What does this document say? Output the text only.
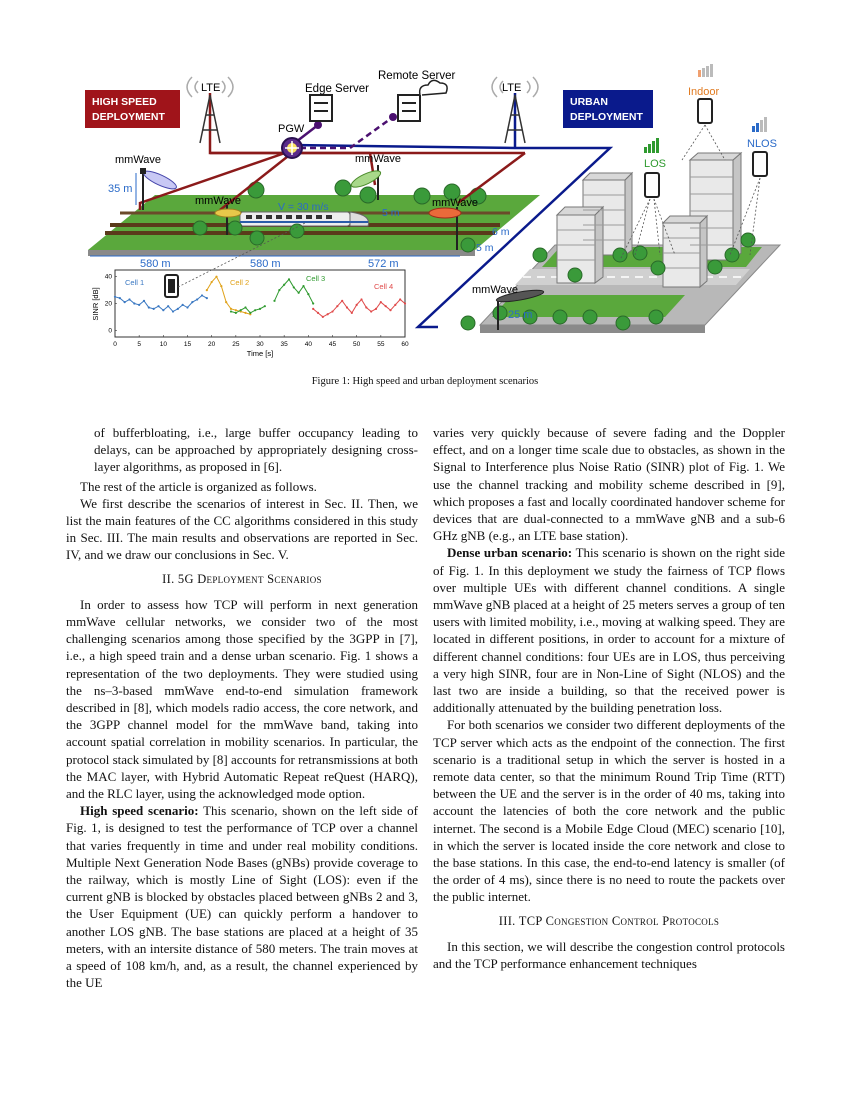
PGW
LTE	LTE
Edge Server
Remote Server
HIGH SPEED
DEPLOYMENT
URBAN
DEPLOYMENT
mmWave
35 m
mmWave
mmWave
mmWave
V = 30 m/s	5 m
6 m
5 m
580 m	580 m	572 m
mmWave
25 m
Indoor
LOS
NLOS
0	5	10	15	20	25	30	35	40	45	50	55	60
0
20
40
Cell 1	Cell 2	Cell 3
Cell 4
Time [s]
SINR [dB]
Figure 1: High speed and urban deployment scenarios

of bufferbloating, i.e., large buffer occupancy leading to delays, can be approached by appropriately designing cross-layer algorithms, as proposed in [6].

The rest of the article is organized as follows.

We first describe the scenarios of interest in Sec. II. Then, we list the main features of the CC algorithms considered in this study in Sec. III. The main results and observations are reported in Sec. IV, and we draw our conclusions in Sec. V.

II. 5G Deployment Scenarios

In order to assess how TCP will perform in next generation mmWave cellular networks, we consider two of the most challenging scenarios among those specified by the 3GPP in [7], i.e., a high speed train and a dense urban scenario. Fig. 1 shows a representation of the two deployments. They were studied using the ns–3-based mmWave end-to-end simulation framework described in [8], which models radio access, the core network, and the 3GPP channel model for the mmWave band, taking into account spatial correlation in mobility scenarios. In particular, the protocol stack simulated by [8] accounts for retransmissions at both the MAC layer, with Hybrid Automatic Repeat reQuest (HARQ), and the RLC layer, using the acknowledged mode option.

High speed scenario: This scenario, shown on the left side of Fig. 1, is designed to test the performance of TCP over a channel that varies frequently in time and under real mobility conditions. Multiple Next Generation Node Bases (gNBs) provide coverage to the railway, which is mostly Line of Sight (LOS): even if the current gNB is blocked by obstacles placed between gNBs 2 and 3, the User Equipment (UE) can quickly perform a handover to another LOS gNB. The base stations are placed at a height of 35 meters, with an intersite distance of 580 meters. The train moves at a speed of 108 km/h, and, as a result, the channel experienced by the UE

varies very quickly because of severe fading and the Doppler effect, and on a longer time scale due to obstacles, as shown in the Signal to Interference plus Noise Ratio (SINR) plot of Fig. 1. We use the channel tracking and mobility scheme described in [9], which proposes a fast and locally coordinated handover scheme for devices that are dual-connected to a mmWave gNB and a sub-6 GHz gNB (e.g., an LTE base station).

Dense urban scenario: This scenario is shown on the right side of Fig. 1. In this deployment we study the fairness of TCP flows over multiple UEs with different channel conditions. A single mmWave gNB placed at a height of 25 meters serves a group of ten users with limited mobility, i.e., moving at walking speed. They are located in different positions, in order to account for a mixture of different channel conditions: four UEs are in LOS, thus perceiving a very high SINR, four are in Non-Line of Sight (NLOS) and the last two are inside a building, so that the received power is additionally attenuated by the building penetration loss.

For both scenarios we consider two different deployments of the TCP server which acts as the endpoint of the connection. The first scenario is a traditional setup in which the server is hosted in a remote data center, so that the minimum Round Trip Time (RTT) between the UE and the server is in the order of 40 ms, taking into account the latencies of both the core network and the public internet. The second is a Mobile Edge Cloud (MEC) scenario [10], in which the server is located inside the core network and close to the base stations. In this case, the end-to-end latency is smaller (of the order of 4 ms), since there is no need to route the packets over the public internet.

III. TCP Congestion Control Protocols

In this section, we will describe the congestion control protocols and the TCP performance enhancement techniques
